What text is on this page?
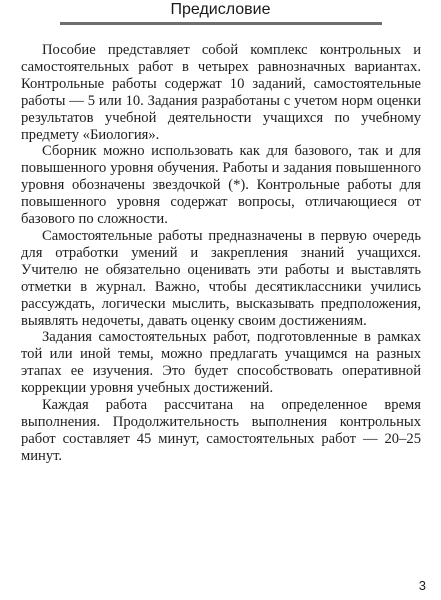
Предисловие

Пособие представляет собой комплекс контрольных и самостоятельных работ в четырех равнозначных вариантах. Контрольные работы содержат 10 заданий, самостоятельные работы — 5 или 10. Задания разработаны с учетом норм оценки результатов учебной деятельности учащихся по учебному предмету «Биология».

Сборник можно использовать как для базового, так и для повышенного уровня обучения. Работы и задания повышенного уровня обозначены звездочкой (*). Контрольные работы для повышенного уровня содержат вопросы, отличающиеся от базового по сложности.

Самостоятельные работы предназначены в первую очередь для отработки умений и закрепления знаний учащихся. Учителю не обязательно оценивать эти работы и выставлять отметки в журнал. Важно, чтобы десятиклассники учились рассуждать, логически мыслить, высказывать предположения, выявлять недочеты, давать оценку своим достижениям.

Задания самостоятельных работ, подготовленные в рамках той или иной темы, можно предлагать учащимся на разных этапах ее изучения. Это будет способствовать оперативной коррекции уровня учебных достижений.

Каждая работа рассчитана на определенное время выполнения. Продолжительность выполнения контрольных работ составляет 45 минут, самостоятельных работ — 20–25 минут.

3
